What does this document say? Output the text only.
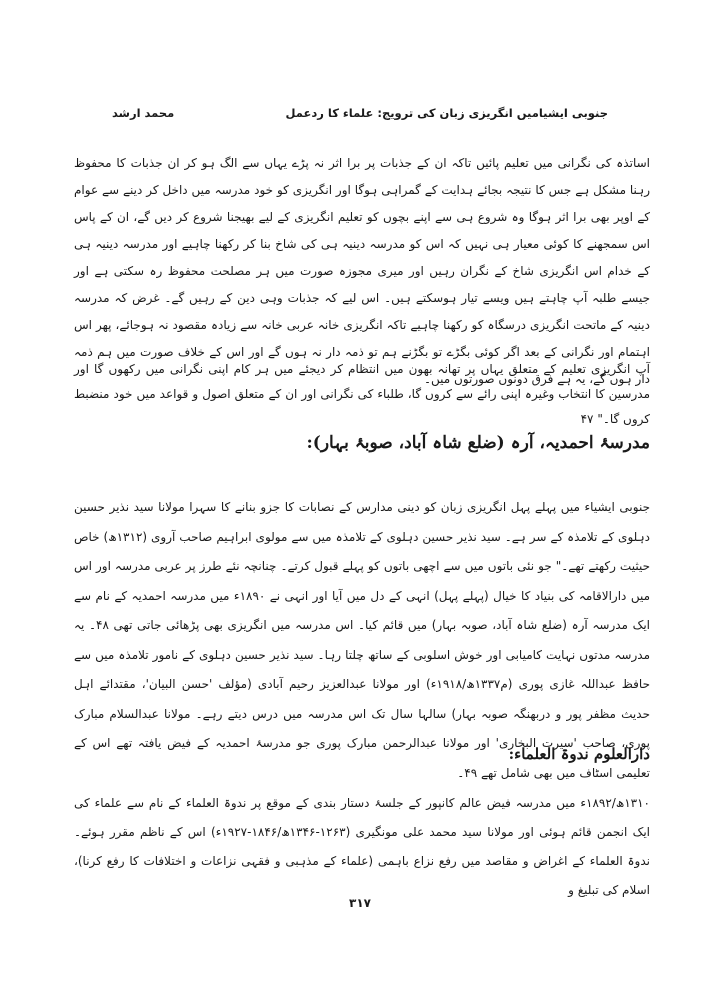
جنوبی ایشیامیں انگریزی زبان کی ترویج: علماء کا ردعمل
محمد ارشد

اساتذہ کی نگرانی میں تعلیم پائیں تاکہ ان کے جذبات پر برا اثر نہ پڑے یہاں سے الگ ہو کر ان جذبات کا محفوظ رہنا مشکل ہے جس کا نتیجہ بجائے ہدایت کے گمراہی ہوگا اور انگریزی کو خود مدرسہ میں داخل کر دینے سے عوام کے اوپر بھی برا اثر ہوگا وہ شروع ہی سے اپنے بچوں کو تعلیم انگریزی کے لیے بھیجنا شروع کر دیں گے، ان کے پاس اس سمجھنے کا کوئی معیار ہی نہیں کہ اس کو مدرسہ دینیہ ہی کی شاخ بنا کر رکھنا چاہیے اور مدرسہ دینیہ ہی کے خدام اس انگریزی شاخ کے نگران رہیں اور میری مجوزہ صورت میں ہر مصلحت محفوظ رہ سکتی ہے اور جیسے طلبہ آپ چاہتے ہیں ویسے تیار ہوسکتے ہیں۔ اس لیے کہ جذبات وہی دین کے رہیں گے۔ غرض کہ مدرسہ دینیہ کے ماتحت انگریزی درسگاہ کو رکھنا چاہیے تاکہ انگریزی خانہ عربی خانہ سے زیادہ مقصود نہ ہوجائے، پھر اس اہتمام اور نگرانی کے بعد اگر کوئی بگڑے تو بگڑنے ہم تو ذمہ دار نہ ہوں گے اور اس کے خلاف صورت میں ہم ذمہ دار ہوں گے، یہ ہے فرق دونوں صورتوں میں۔

آپ انگریزی تعلیم کے متعلق یہاں پر تھانہ بھون میں انتظام کر دیجئے میں ہر کام اپنی نگرانی میں رکھوں گا اور مدرسین کا انتخاب وغیرہ اپنی رائے سے کروں گا، طلباء کی نگرانی اور ان کے متعلق اصول و قواعد میں خود منضبط کروں گا۔" ۴۷

مدرسۂ احمدیہ، آرہ (ضلع شاہ آباد، صوبۂ بہار):

جنوبی ایشیاء میں پہلے پہل انگریزی زبان کو دینی مدارس کے نصابات کا جزو بنانے کا سہرا مولانا سید نذیر حسین دہلوی کے تلامذہ کے سر ہے۔ سید نذیر حسین دہلوی کے تلامذہ میں سے مولوی ابراہیم صاحب آروی (۱۳۱۲ھ) خاص حیثیت رکھتے تھے۔" جو نئی باتوں میں سے اچھی باتوں کو پہلے قبول کرتے۔ چنانچہ نئے طرز پر عربی مدرسہ اور اس میں دارالاقامہ کی بنیاد کا خیال (پہلے پہل) انہی کے دل میں آیا اور انہی نے ۱۸۹۰ء میں مدرسہ احمدیہ کے نام سے ایک مدرسہ آرہ (ضلع شاہ آباد، صوبہ بہار) میں قائم کیا۔ اس مدرسہ میں انگریزی بھی پڑھائی جاتی تھی ۴۸۔ یہ مدرسہ مدتوں نہایت کامیابی اور خوش اسلوبی کے ساتھ چلتا رہا۔ سید نذیر حسین دہلوی کے نامور تلامذہ میں سے حافظ عبداللہ غازی پوری (م۱۳۳۷ھ/۱۹۱۸ء) اور مولانا عبدالعزیز رحیم آبادی (مؤلف 'حسن البیان'، مقتدائے اہل حدیث مظفر پور و دربھنگہ صوبہ بہار) سالہا سال تک اس مدرسہ میں درس دیتے رہے۔ مولانا عبدالسلام مبارک پوری، صاحب 'سیرت البخاری' اور مولانا عبدالرحمن مبارک پوری جو مدرسۂ احمدیہ کے فیض یافتہ تھے اس کے تعلیمی اسٹاف میں بھی شامل تھے ۴۹۔

دارالعلوم ندوۃ العلماء:

۱۳۱۰ھ/۱۸۹۲ء میں مدرسہ فیض عالم کانپور کے جلسۂ دستار بندی کے موقع پر ندوۃ العلماء کے نام سے علماء کی ایک انجمن قائم ہوئی اور مولانا سید محمد علی مونگیری (۱۲۶۳-۱۳۴۶ھ/۱۸۴۶-۱۹۲۷ء) اس کے ناظم مقرر ہوئے۔ ندوۃ العلماء کے اغراض و مقاصد میں رفع نزاع باہمی (علماء کے مذہبی و فقہی نزاعات و اختلافات کا رفع کرنا)، اسلام کی تبلیغ و

۳۱۷
